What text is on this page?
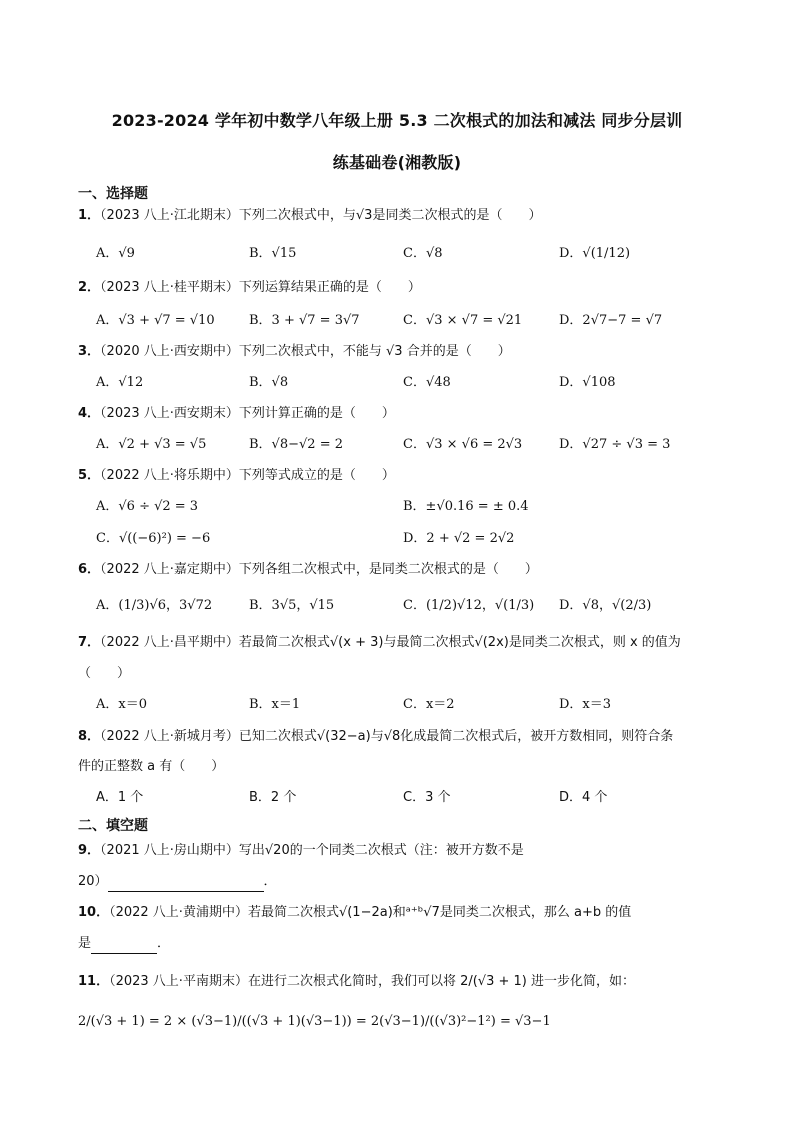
2023-2024 学年初中数学八年级上册 5.3 二次根式的加法和减法 同步分层训
练基础卷(湘教版)
一、选择题
1．（2023 八上·江北期末）下列二次根式中，与√3是同类二次根式的是（　　）
A．√9	B．√15	C．√8	D．√(1/12)
2．（2023 八上·桂平期末）下列运算结果正确的是（　　）
A．√3 + √7 = √10	B．3 + √7 = 3√7	C．√3 × √7 = √21	D．2√7−7 = √7
3．（2020 八上·西安期中）下列二次根式中，不能与 √3 合并的是（　　）
A．√12	B．√8	C．√48	D．√108
4．（2023 八上·西安期末）下列计算正确的是（　　）
A．√2 + √3 = √5	B．√8−√2 = 2	C．√3 × √6 = 2√3	D．√27 ÷ √3 = 3
5．（2022 八上·将乐期中）下列等式成立的是（　　）
A．√6 ÷ √2 = 3	B．±√0.16 = ± 0.4
C．√((−6)²) = −6	D．2 + √2 = 2√2
6．（2022 八上·嘉定期中）下列各组二次根式中，是同类二次根式的是（　　）
A．(1/3)√6，3√72	B．3√5，√15	C．(1/2)√12，√(1/3) D．√8，√(2/3)
7．（2022 八上·昌平期中）若最简二次根式√(x + 3)与最简二次根式√(2x)是同类二次根式，则 x 的值为
（　　）
A．x＝0	B．x＝1	C．x＝2	D．x＝3
8．（2022 八上·新城月考）已知二次根式√(32−a)与√8化成最简二次根式后，被开方数相同，则符合条
件的正整数 a 有（　　）
A．1 个	B．2 个	C．3 个	D．4 个
二、填空题
9．（2021 八上·房山期中）写出√20的一个同类二次根式（注：被开方数不是
20）	．
10．（2022 八上·黄浦期中）若最简二次根式√(1−2a)和ᵃ⁺ᵇ√7是同类二次根式，那么 a+b 的值
是	．
11．（2023 八上·平南期末）在进行二次根式化简时，我们可以将 2/(√3 + 1) 进一步化简，如：
2/(√3 + 1) = 2 × (√3−1)/((√3 + 1)(√3−1)) = 2(√3−1)/((√3)²−1²) = √3−1
